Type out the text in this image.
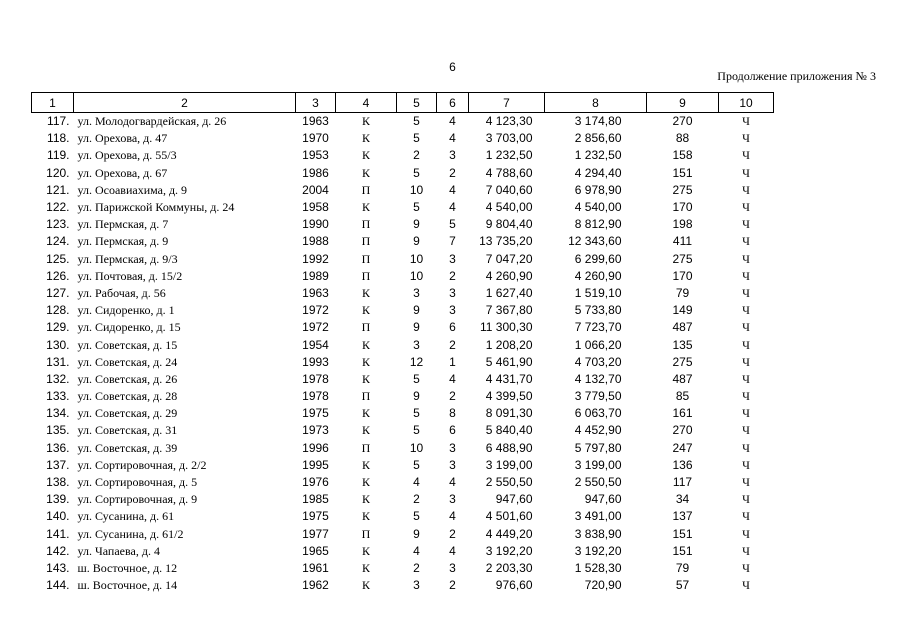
6
Продолжение приложения № 3
1	2	3	4	5	6	7	8	9	10
117.	ул. Молодогвардейская, д. 26	1963	К	5	4	4 123,30	3 174,80	270	Ч
118.	ул. Орехова, д. 47	1970	К	5	4	3 703,00	2 856,60	88	Ч
119.	ул. Орехова, д. 55/3	1953	К	2	3	1 232,50	1 232,50	158	Ч
120.	ул. Орехова, д. 67	1986	К	5	2	4 788,60	4 294,40	151	Ч
121.	ул. Осоавиахима, д. 9	2004	П	10	4	7 040,60	6 978,90	275	Ч
122.	ул. Парижской Коммуны, д. 24	1958	К	5	4	4 540,00	4 540,00	170	Ч
123.	ул. Пермская, д. 7	1990	П	9	5	9 804,40	8 812,90	198	Ч
124.	ул. Пермская, д. 9	1988	П	9	7	13 735,20	12 343,60	411	Ч
125.	ул. Пермская, д. 9/3	1992	П	10	3	7 047,20	6 299,60	275	Ч
126.	ул. Почтовая, д. 15/2	1989	П	10	2	4 260,90	4 260,90	170	Ч
127.	ул. Рабочая, д. 56	1963	К	3	3	1 627,40	1 519,10	79	Ч
128.	ул. Сидоренко, д. 1	1972	К	9	3	7 367,80	5 733,80	149	Ч
129.	ул. Сидоренко, д. 15	1972	П	9	6	11 300,30	7 723,70	487	Ч
130.	ул. Советская, д. 15	1954	К	3	2	1 208,20	1 066,20	135	Ч
131.	ул. Советская, д. 24	1993	К	12	1	5 461,90	4 703,20	275	Ч
132.	ул. Советская, д. 26	1978	К	5	4	4 431,70	4 132,70	487	Ч
133.	ул. Советская, д. 28	1978	П	9	2	4 399,50	3 779,50	85	Ч
134.	ул. Советская, д. 29	1975	К	5	8	8 091,30	6 063,70	161	Ч
135.	ул. Советская, д. 31	1973	К	5	6	5 840,40	4 452,90	270	Ч
136.	ул. Советская, д. 39	1996	П	10	3	6 488,90	5 797,80	247	Ч
137.	ул. Сортировочная, д. 2/2	1995	К	5	3	3 199,00	3 199,00	136	Ч
138.	ул. Сортировочная, д. 5	1976	К	4	4	2 550,50	2 550,50	117	Ч
139.	ул. Сортировочная, д. 9	1985	К	2	3	947,60	947,60	34	Ч
140.	ул. Сусанина, д. 61	1975	К	5	4	4 501,60	3 491,00	137	Ч
141.	ул. Сусанина, д. 61/2	1977	П	9	2	4 449,20	3 838,90	151	Ч
142.	ул. Чапаева, д. 4	1965	К	4	4	3 192,20	3 192,20	151	Ч
143.	ш. Восточное, д. 12	1961	К	2	3	2 203,30	1 528,30	79	Ч
144.	ш. Восточное, д. 14	1962	К	3	2	976,60	720,90	57	Ч
